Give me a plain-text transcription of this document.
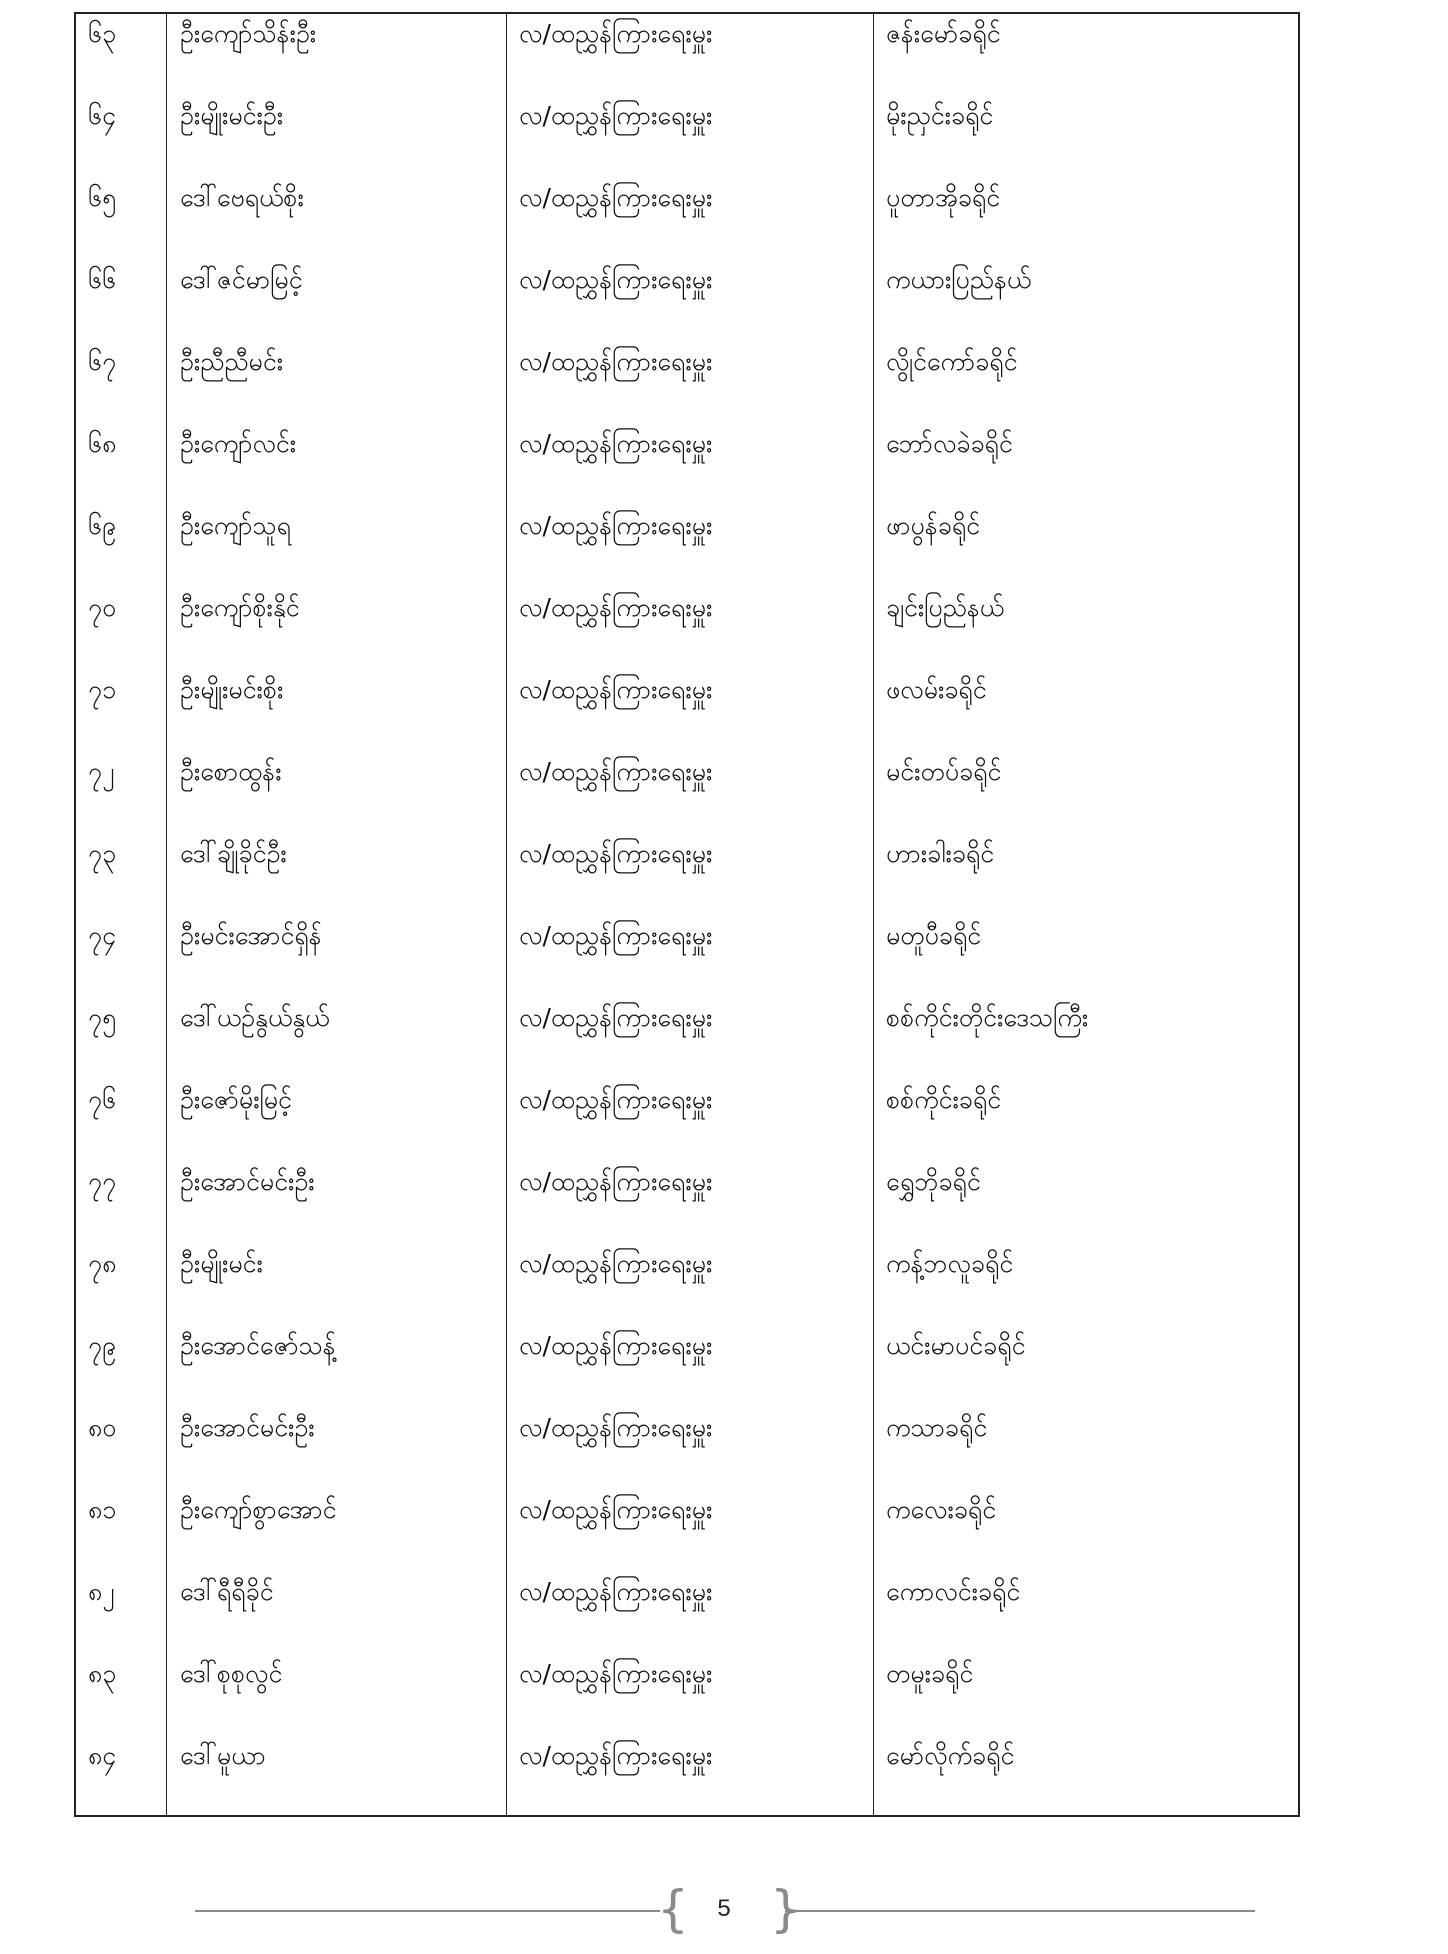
၆၃	ဦးကျော်သိန်းဦး	လ/ထညွှန်ကြားရေးမှူး	ဇန်းမော်ခရိုင်
၆၄	ဦးမျိုးမင်းဦး	လ/ထညွှန်ကြားရေးမှူး	မိုးညှင်းခရိုင်
၆၅	ဒေါ်ဗေရယ်စိုး	လ/ထညွှန်ကြားရေးမှူး	ပူတာအိုခရိုင်
၆၆	ဒေါ်ဇင်မာမြင့်	လ/ထညွှန်ကြားရေးမှူး	ကယားပြည်နယ်
၆၇	ဦးညီညီမင်း	လ/ထညွှန်ကြားရေးမှူး	လွိုင်ကော်ခရိုင်
၆၈	ဦးကျော်လင်း	လ/ထညွှန်ကြားရေးမှူး	ဘော်လခဲခရိုင်
၆၉	ဦးကျော်သူရ	လ/ထညွှန်ကြားရေးမှူး	ဖာပွန်ခရိုင်
၇၀	ဦးကျော်စိုးနိုင်	လ/ထညွှန်ကြားရေးမှူး	ချင်းပြည်နယ်
၇၁	ဦးမျိုးမင်းစိုး	လ/ထညွှန်ကြားရေးမှူး	ဖလမ်းခရိုင်
၇၂	ဦးစောထွန်း	လ/ထညွှန်ကြားရေးမှူး	မင်းတပ်ခရိုင်
၇၃	ဒေါ်ချိုခိုင်ဦး	လ/ထညွှန်ကြားရေးမှူး	ဟားခါးခရိုင်
၇၄	ဦးမင်းအောင်ရှိန်	လ/ထညွှန်ကြားရေးမှူး	မတူပီခရိုင်
၇၅	ဒေါ်ယဉ်နွယ်နွယ်	လ/ထညွှန်ကြားရေးမှူး	စစ်ကိုင်းတိုင်းဒေသကြီး
၇၆	ဦးဇော်မိုးမြင့်	လ/ထညွှန်ကြားရေးမှူး	စစ်ကိုင်းခရိုင်
၇၇	ဦးအောင်မင်းဦး	လ/ထညွှန်ကြားရေးမှူး	ရွှေဘိုခရိုင်
၇၈	ဦးမျိုးမင်း	လ/ထညွှန်ကြားရေးမှူး	ကန့်ဘလူခရိုင်
၇၉	ဦးအောင်ဇော်သန့်	လ/ထညွှန်ကြားရေးမှူး	ယင်းမာပင်ခရိုင်
၈၀	ဦးအောင်မင်းဦး	လ/ထညွှန်ကြားရေးမှူး	ကသာခရိုင်
၈၁	ဦးကျော်စွာအောင်	လ/ထညွှန်ကြားရေးမှူး	ကလေးခရိုင်
၈၂	ဒေါ်ရီရီခိုင်	လ/ထညွှန်ကြားရေးမှူး	ကောလင်းခရိုင်
၈၃	ဒေါ်စုစုလွင်	လ/ထညွှန်ကြားရေးမှူး	တမူးခရိုင်
၈၄	ဒေါ်မူယာ	လ/ထညွှန်ကြားရေးမှူး	မော်လိုက်ခရိုင်
{	5 }
